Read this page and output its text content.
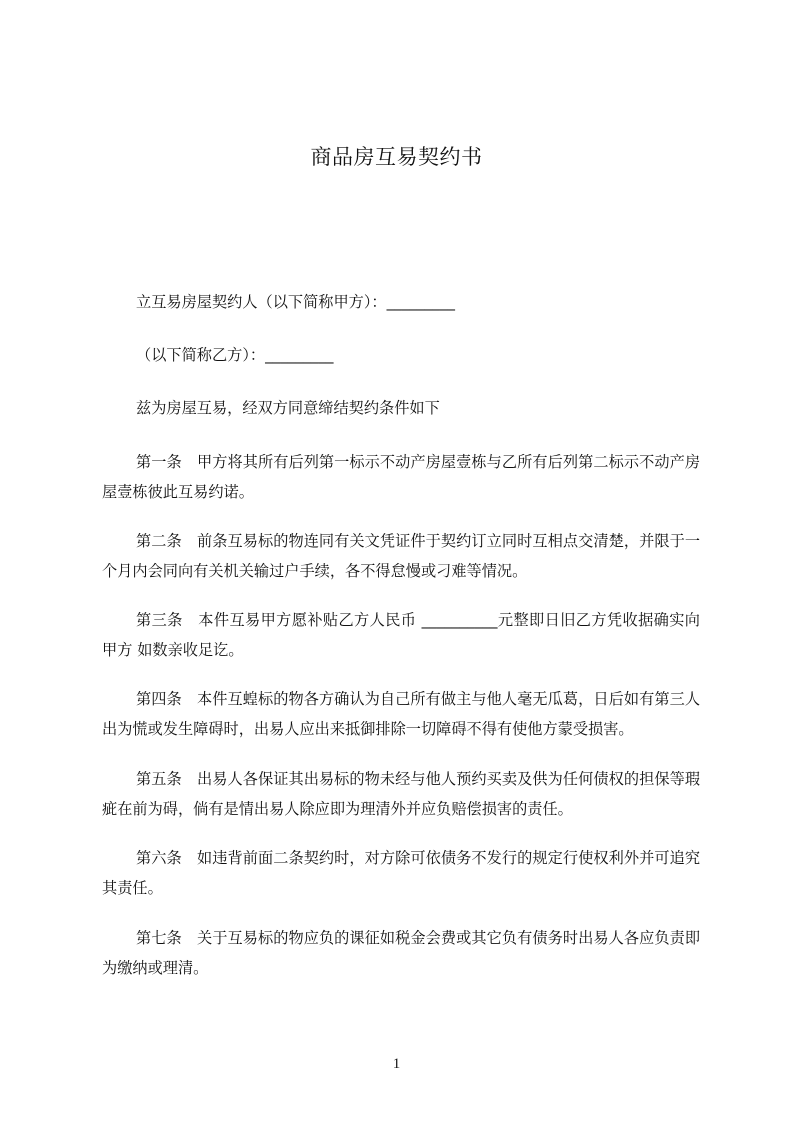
商品房互易契约书
立互易房屋契约人（以下简称甲方）：_________
（以下简称乙方）：_________
兹为房屋互易，经双方同意缔结契约条件如下
第一条　甲方将其所有后列第一标示不动产房屋壹栋与乙所有后列第二标示不动产房屋壹栋彼此互易约诺。
第二条　前条互易标的物连同有关文凭证件于契约订立同时互相点交清楚，并限于一个月内会同向有关机关输过户手续，各不得怠慢或刁难等情况。
第三条　本件互易甲方愿补贴乙方人民币 __________元整即日旧乙方凭收据确实向甲方 如数亲收足讫。
第四条　本件互蝗标的物各方确认为自己所有做主与他人毫无瓜葛，日后如有第三人出为慌或发生障碍时，出易人应出来抵御排除一切障碍不得有使他方蒙受损害。
第五条　出易人各保证其出易标的物未经与他人预约买卖及供为任何债权的担保等瑕疵在前为碍，倘有是情出易人除应即为理清外并应负赔偿损害的责任。
第六条　如违背前面二条契约时，对方除可依债务不发行的规定行使权利外并可追究其责任。
第七条　关于互易标的物应负的课征如税金会费或其它负有债务时出易人各应负责即为缴纳或理清。
1
